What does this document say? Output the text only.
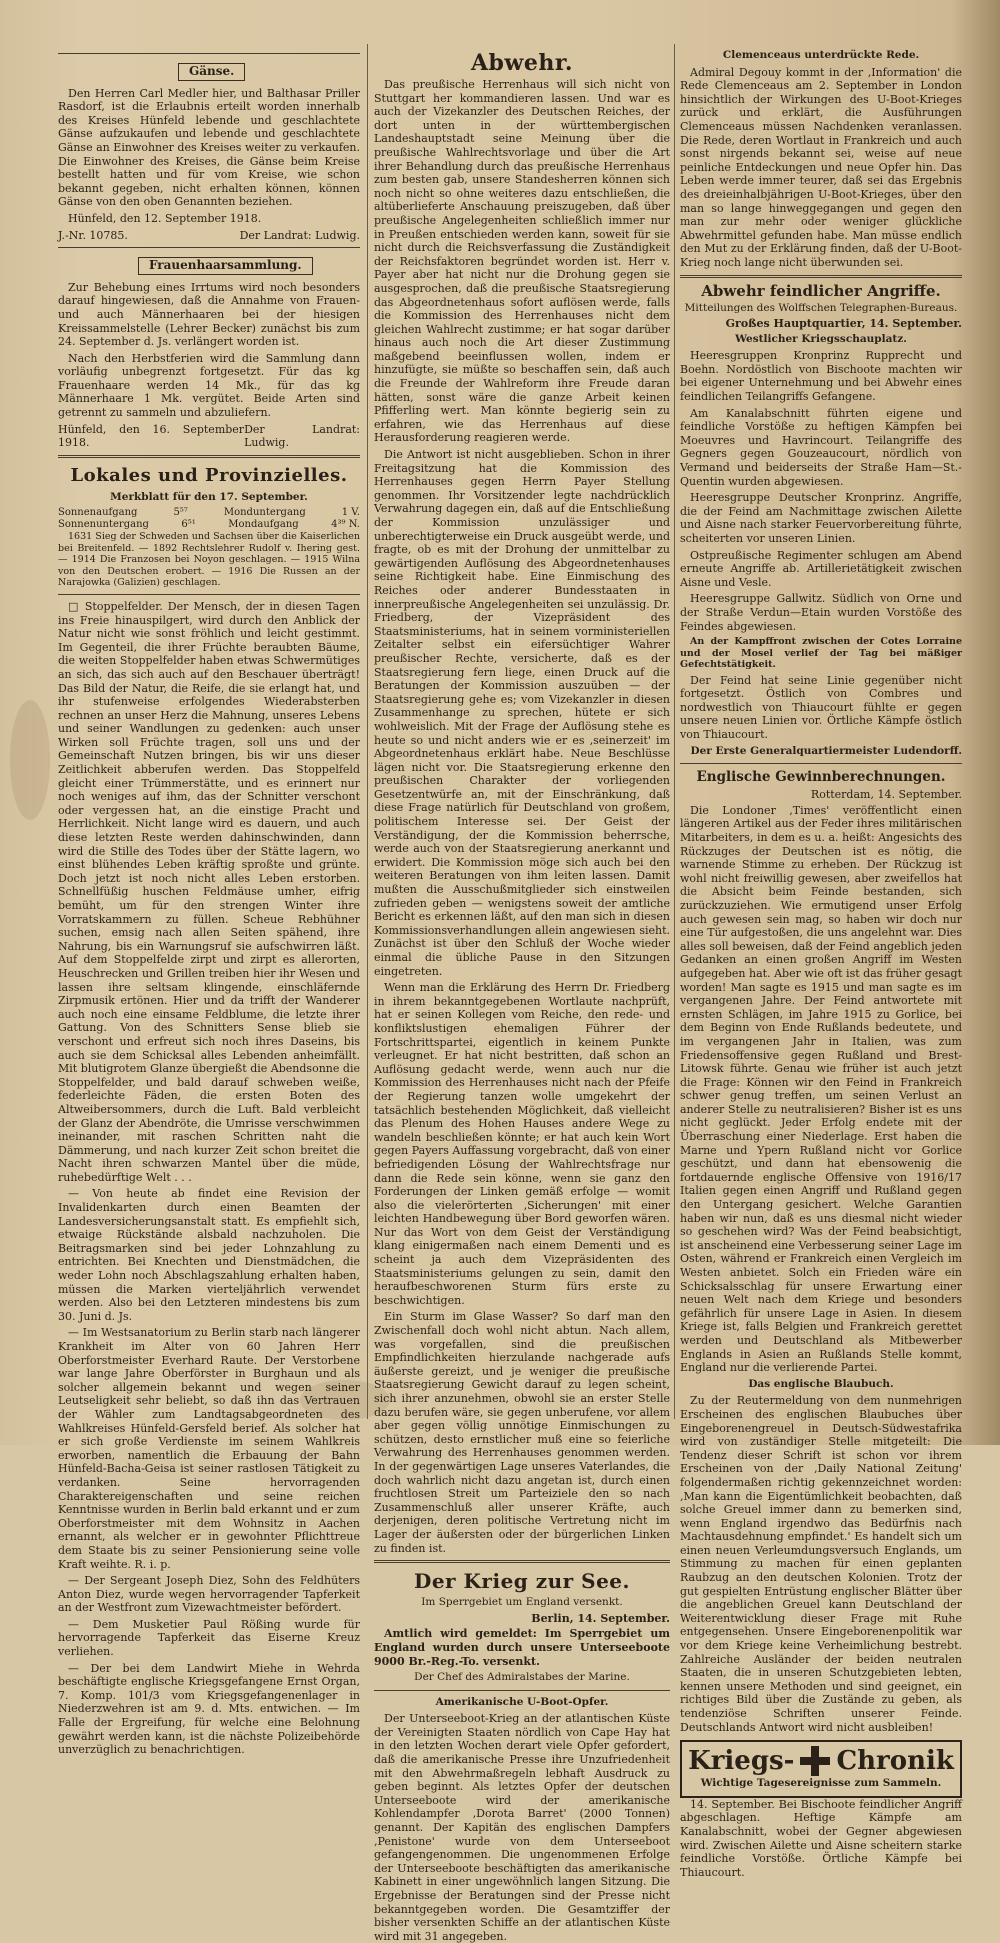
Gänse.

Den Herren Carl Medler hier, und Balthasar Priller Rasdorf, ist die Erlaubnis erteilt worden innerhalb des Kreises Hünfeld lebende und geschlachtete Gänse aufzukaufen und lebende und geschlachtete Gänse an Einwohner des Kreises weiter zu verkaufen. Die Einwohner des Kreises, die Gänse beim Kreise bestellt hatten und für vom Kreise, wie schon bekannt gegeben, nicht erhalten können, können Gänse von den oben Genannten beziehen.

Hünfeld, den 12. September 1918.

J.-Nr. 10785.	Der Landrat: Ludwig.
Frauenhaarsammlung.

Zur Behebung eines Irrtums wird noch besonders darauf hingewiesen, daß die Annahme von Frauen- und auch Männerhaaren bei der hiesigen Kreissammelstelle (Lehrer Becker) zunächst bis zum 24. September d. Js. verlängert worden ist.

Nach den Herbstferien wird die Sammlung dann vorläufig unbegrenzt fortgesetzt. Für das kg Frauenhaare werden 14 Mk., für das kg Männerhaare 1 Mk. vergütet. Beide Arten sind getrennt zu sammeln und abzuliefern.

Hünfeld, den 16. September 1918.
Der Landrat: Ludwig.
Lokales und Provinzielles.
Merkblatt für den 17. September.
Sonnenaufgang	5⁵⁷	Monduntergang	1 V.
Sonnenuntergang	6⁵¹	Mondaufgang	4³⁹ N.

1631 Sieg der Schweden und Sachsen über die Kaiserlichen bei Breitenfeld. — 1892 Rechtslehrer Rudolf v. Ihering gest. — 1914 Die Franzosen bei Noyon geschlagen. — 1915 Wilna von den Deutschen erobert. — 1916 Die Russen an der Narajowka (Galizien) geschlagen.

□ Stoppelfelder. Der Mensch, der in diesen Tagen ins Freie hinauspilgert, wird durch den Anblick der Natur nicht wie sonst fröhlich und leicht gestimmt. Im Gegenteil, die ihrer Früchte beraubten Bäume, die weiten Stoppelfelder haben etwas Schwermütiges an sich, das sich auch auf den Beschauer überträgt! Das Bild der Natur, die Reife, die sie erlangt hat, und ihr stufenweise erfolgendes Wiederabsterben rechnen an unser Herz die Mahnung, unseres Lebens und seiner Wandlungen zu gedenken: auch unser Wirken soll Früchte tragen, soll uns und der Gemeinschaft Nutzen bringen, bis wir uns dieser Zeitlichkeit abberufen werden. Das Stoppelfeld gleicht einer Trümmerstätte, und es erinnert nur noch weniges auf ihm, das der Schnitter verschont oder vergessen hat, an die einstige Pracht und Herrlichkeit. Nicht lange wird es dauern, und auch diese letzten Reste werden dahinschwinden, dann wird die Stille des Todes über der Stätte lagern, wo einst blühendes Leben kräftig sproßte und grünte. Doch jetzt ist noch nicht alles Leben erstorben. Schnellfüßig huschen Feldmäuse umher, eifrig bemüht, um für den strengen Winter ihre Vorratskammern zu füllen. Scheue Rebhühner suchen, emsig nach allen Seiten spähend, ihre Nahrung, bis ein Warnungsruf sie aufschwirren läßt. Auf dem Stoppelfelde zirpt und zirpt es allerorten, Heuschrecken und Grillen treiben hier ihr Wesen und lassen ihre seltsam klingende, einschläfernde Zirpmusik ertönen. Hier und da trifft der Wanderer auch noch eine einsame Feldblume, die letzte ihrer Gattung. Von des Schnitters Sense blieb sie verschont und erfreut sich noch ihres Daseins, bis auch sie dem Schicksal alles Lebenden anheimfällt. Mit blutigrotem Glanze übergießt die Abendsonne die Stoppelfelder, und bald darauf schweben weiße, federleichte Fäden, die ersten Boten des Altweibersommers, durch die Luft. Bald verbleicht der Glanz der Abendröte, die Umrisse verschwimmen ineinander, mit raschen Schritten naht die Dämmerung, und nach kurzer Zeit schon breitet die Nacht ihren schwarzen Mantel über die müde, ruhebedürftige Welt . . .

— Von heute ab findet eine Revision der Invalidenkarten durch einen Beamten der Landesversicherungsanstalt statt. Es empfiehlt sich, etwaige Rückstände alsbald nachzuholen. Die Beitragsmarken sind bei jeder Lohnzahlung zu entrichten. Bei Knechten und Dienstmädchen, die weder Lohn noch Abschlagszahlung erhalten haben, müssen die Marken vierteljährlich verwendet werden. Also bei den Letzteren mindestens bis zum 30. Juni d. Js.

— Im Westsanatorium zu Berlin starb nach längerer Krankheit im Alter von 60 Jahren Herr Oberforstmeister Everhard Raute. Der Verstorbene war lange Jahre Oberförster in Burghaun und als solcher allgemein bekannt und wegen seiner Leutseligkeit sehr beliebt, so daß ihn das Vertrauen der Wähler zum Landtagsabgeordneten des Wahlkreises Hünfeld-Gersfeld berief. Als solcher hat er sich große Verdienste im seinem Wahlkreis erworben, namentlich die Erbauung der Bahn Hünfeld-Bacha-Geisa ist seiner rastlosen Tätigkeit zu verdanken. Seine hervorragenden Charaktereigenschaften und seine reichen Kenntnisse wurden in Berlin bald erkannt und er zum Oberforstmeister mit dem Wohnsitz in Aachen ernannt, als welcher er in gewohnter Pflichttreue dem Staate bis zu seiner Pensionierung seine volle Kraft weihte. R. i. p.

— Der Sergeant Joseph Diez, Sohn des Feldhüters Anton Diez, wurde wegen hervorragender Tapferkeit an der Westfront zum Vizewachtmeister befördert.

— Dem Musketier Paul Rößing wurde für hervorragende Tapferkeit das Eiserne Kreuz verliehen.

— Der bei dem Landwirt Miehe in Wehrda beschäftigte englische Kriegsgefangene Ernst Organ, 7. Komp. 101/3 vom Kriegsgefangenenlager in Niederzwehren ist am 9. d. Mts. entwichen. — Im Falle der Ergreifung, für welche eine Belohnung gewährt werden kann, ist die nächste Polizeibehörde unverzüglich zu benachrichtigen.

Abwehr.

Das preußische Herrenhaus will sich nicht von Stuttgart her kommandieren lassen. Und war es auch der Vizekanzler des Deutschen Reiches, der dort unten in der württembergischen Landeshauptstadt seine Meinung über die preußische Wahlrechtsvorlage und über die Art ihrer Behandlung durch das preußische Herrenhaus zum besten gab, unsere Standesherren können sich noch nicht so ohne weiteres dazu entschließen, die altüberlieferte Anschauung preiszugeben, daß über preußische Angelegenheiten schließlich immer nur in Preußen entschieden werden kann, soweit für sie nicht durch die Reichsverfassung die Zuständigkeit der Reichsfaktoren begründet worden ist. Herr v. Payer aber hat nicht nur die Drohung gegen sie ausgesprochen, daß die preußische Staatsregierung das Abgeordnetenhaus sofort auflösen werde, falls die Kommission des Herrenhauses nicht dem gleichen Wahlrecht zustimme; er hat sogar darüber hinaus auch noch die Art dieser Zustimmung maßgebend beeinflussen wollen, indem er hinzufügte, sie müßte so beschaffen sein, daß auch die Freunde der Wahlreform ihre Freude daran hätten, sonst wäre die ganze Arbeit keinen Pfifferling wert. Man könnte begierig sein zu erfahren, wie das Herrenhaus auf diese Herausforderung reagieren werde.

Die Antwort ist nicht ausgeblieben. Schon in ihrer Freitagsitzung hat die Kommission des Herrenhauses gegen Herrn Payer Stellung genommen. Ihr Vorsitzender legte nachdrücklich Verwahrung dagegen ein, daß auf die Entschließung der Kommission unzulässiger und unberechtigterweise ein Druck ausgeübt werde, und fragte, ob es mit der Drohung der unmittelbar zu gewärtigenden Auflösung des Abgeordnetenhauses seine Richtigkeit habe. Eine Einmischung des Reiches oder anderer Bundesstaaten in innerpreußische Angelegenheiten sei unzulässig. Dr. Friedberg, der Vizepräsident des Staatsministeriums, hat in seinem vorministeriellen Zeitalter selbst ein eifersüchtiger Wahrer preußischer Rechte, versicherte, daß es der Staatsregierung fern liege, einen Druck auf die Beratungen der Kommission auszuüben — der Staatsregierung gehe es; vom Vizekanzler in diesen Zusammenhange zu sprechen, hütete er sich wohlweislich. Mit der Frage der Auflösung stehe es heute so und nicht anders wie er es ‚seinerzeit' im Abgeordnetenhaus erklärt habe. Neue Beschlüsse lägen nicht vor. Die Staatsregierung erkenne den preußischen Charakter der vorliegenden Gesetzentwürfe an, mit der Einschränkung, daß diese Frage natürlich für Deutschland von großem, politischem Interesse sei. Der Geist der Verständigung, der die Kommission beherrsche, werde auch von der Staatsregierung anerkannt und erwidert. Die Kommission möge sich auch bei den weiteren Beratungen von ihm leiten lassen. Damit mußten die Ausschußmitglieder sich einstweilen zufrieden geben — wenigstens soweit der amtliche Bericht es erkennen läßt, auf den man sich in diesen Kommissionsverhandlungen allein angewiesen sieht. Zunächst ist über den Schluß der Woche wieder einmal die übliche Pause in den Sitzungen eingetreten.

Wenn man die Erklärung des Herrn Dr. Friedberg in ihrem bekanntgegebenen Wortlaute nachprüft, hat er seinen Kollegen vom Reiche, den rede- und konfliktslustigen ehemaligen Führer der Fortschrittspartei, eigentlich in keinem Punkte verleugnet. Er hat nicht bestritten, daß schon an Auflösung gedacht werde, wenn auch nur die Kommission des Herrenhauses nicht nach der Pfeife der Regierung tanzen wolle umgekehrt der tatsächlich bestehenden Möglichkeit, daß vielleicht das Plenum des Hohen Hauses andere Wege zu wandeln beschließen könnte; er hat auch kein Wort gegen Payers Auffassung vorgebracht, daß von einer befriedigenden Lösung der Wahlrechtsfrage nur dann die Rede sein könne, wenn sie ganz den Forderungen der Linken gemäß erfolge — womit also die vielerörterten ‚Sicherungen' mit einer leichten Handbewegung über Bord geworfen wären. Nur das Wort von dem Geist der Verständigung klang einigermaßen nach einem Dementi und es scheint ja auch dem Vizepräsidenten des Staatsministeriums gelungen zu sein, damit den heraufbeschworenen Sturm fürs erste zu beschwichtigen.

Ein Sturm im Glase Wasser? So darf man den Zwischenfall doch wohl nicht abtun. Nach allem, was vorgefallen, sind die preußischen Empfindlichkeiten hierzulande nachgerade aufs äußerste gereizt, und je weniger die preußische Staatsregierung Gewicht darauf zu legen scheint, sich ihrer anzunehmen, obwohl sie an erster Stelle dazu berufen wäre, sie gegen unberufene, vor allem aber gegen völlig unnötige Einmischungen zu schützen, desto ernstlicher muß eine so feierliche Verwahrung des Herrenhauses genommen werden. In der gegenwärtigen Lage unseres Vaterlandes, die doch wahrlich nicht dazu angetan ist, durch einen fruchtlosen Streit um Parteiziele den so nach Zusammenschluß aller unserer Kräfte, auch derjenigen, deren politische Vertretung nicht im Lager der äußersten oder der bürgerlichen Linken zu finden ist.

Der Krieg zur See.
Im Sperrgebiet um England versenkt.
Berlin, 14. September.

Amtlich wird gemeldet: Im Sperrgebiet um England wurden durch unsere Unterseeboote 9000 Br.-Reg.-To. versenkt.

Der Chef des Admiralstabes der Marine.
Amerikanische U-Boot-Opfer.

Der Unterseeboot-Krieg an der atlantischen Küste der Vereinigten Staaten nördlich von Cape Hay hat in den letzten Wochen derart viele Opfer gefordert, daß die amerikanische Presse ihre Unzufriedenheit mit den Abwehrmaßregeln lebhaft Ausdruck zu geben beginnt. Als letztes Opfer der deutschen Unterseeboote wird der amerikanische Kohlendampfer ‚Dorota Barret' (2000 Tonnen) genannt. Der Kapitän des englischen Dampfers ‚Penistone' wurde von dem Unterseeboot gefangengenommen. Die ungenommenen Erfolge der Unterseeboote beschäftigten das amerikanische Kabinett in einer ungewöhnlich langen Sitzung. Die Ergebnisse der Beratungen sind der Presse nicht bekanntgegeben worden. Die Gesamtziffer der bisher versenkten Schiffe an der atlantischen Küste wird mit 31 angegeben.

Clemenceaus unterdrückte Rede.

Admiral Degouy kommt in der ‚Information' die Rede Clemenceaus am 2. September in London hinsichtlich der Wirkungen des U-Boot-Krieges zurück und erklärt, die Ausführungen Clemenceaus müssen Nachdenken veranlassen. Die Rede, deren Wortlaut in Frankreich und auch sonst nirgends bekannt sei, weise auf neue peinliche Entdeckungen und neue Opfer hin. Das Leben werde immer teurer, daß sei das Ergebnis des dreieinhalbjährigen U-Boot-Krieges, über den man so lange hinweggegangen und gegen den man zur mehr oder weniger glückliche Abwehrmittel gefunden habe. Man müsse endlich den Mut zu der Erklärung finden, daß der U-Boot-Krieg noch lange nicht überwunden sei.

Abwehr feindlicher Angriffe.
Mitteilungen des Wolffschen Telegraphen-Bureaus.
Großes Hauptquartier, 14. September.
Westlicher Kriegsschauplatz.

Heeresgruppen Kronprinz Rupprecht und Boehn. Nordöstlich von Bischoote machten wir bei eigener Unternehmung und bei Abwehr eines feindlichen Teilangriffs Gefangene.

Am Kanalabschnitt führten eigene und feindliche Vorstöße zu heftigen Kämpfen bei Moeuvres und Havrincourt. Teilangriffe des Gegners gegen Gouzeaucourt, nördlich von Vermand und beiderseits der Straße Ham—St.-Quentin wurden abgewiesen.

Heeresgruppe Deutscher Kronprinz. Angriffe, die der Feind am Nachmittage zwischen Ailette und Aisne nach starker Feuervorbereitung führte, scheiterten vor unseren Linien.

Ostpreußische Regimenter schlugen am Abend erneute Angriffe ab. Artillerietätigkeit zwischen Aisne und Vesle.

Heeresgruppe Gallwitz. Südlich von Orne und der Straße Verdun—Etain wurden Vorstöße des Feindes abgewiesen.

An der Kampffront zwischen der Cotes Lorraine und der Mosel verlief der Tag bei mäßiger Gefechtstätigkeit.

Der Feind hat seine Linie gegenüber nicht fortgesetzt. Östlich von Combres und nordwestlich von Thiaucourt fühlte er gegen unsere neuen Linien vor. Örtliche Kämpfe östlich von Thiaucourt.

Der Erste Generalquartiermeister Ludendorff.
Englische Gewinnberechnungen.
Rotterdam, 14. September.

Die Londoner ‚Times' veröffentlicht einen längeren Artikel aus der Feder ihres militärischen Mitarbeiters, in dem es u. a. heißt: Angesichts des Rückzuges der Deutschen ist es nötig, die warnende Stimme zu erheben. Der Rückzug ist wohl nicht freiwillig gewesen, aber zweifellos hat die Absicht beim Feinde bestanden, sich zurückzuziehen. Wie ermutigend unser Erfolg auch gewesen sein mag, so haben wir doch nur eine Tür aufgestoßen, die uns angelehnt war. Dies alles soll beweisen, daß der Feind angeblich jeden Gedanken an einen großen Angriff im Westen aufgegeben hat. Aber wie oft ist das früher gesagt worden! Man sagte es 1915 und man sagte es im vergangenen Jahre. Der Feind antwortete mit ernsten Schlägen, im Jahre 1915 zu Gorlice, bei dem Beginn von Ende Rußlands bedeutete, und im vergangenen Jahr in Italien, was zum Friedensoffensive gegen Rußland und Brest-Litowsk führte. Genau wie früher ist auch jetzt die Frage: Können wir den Feind in Frankreich schwer genug treffen, um seinen Verlust an anderer Stelle zu neutralisieren? Bisher ist es uns nicht geglückt. Jeder Erfolg endete mit der Überraschung einer Niederlage. Erst haben die Marne und Ypern Rußland nicht vor Gorlice geschützt, und dann hat ebensowenig die fortdauernde englische Offensive von 1916/17 Italien gegen einen Angriff und Rußland gegen den Untergang gesichert. Welche Garantien haben wir nun, daß es uns diesmal nicht wieder so geschehen wird? Was der Feind beabsichtigt, ist anscheinend eine Verbesserung seiner Lage im Osten, während er Frankreich einen Vergleich im Westen anbietet. Solch ein Frieden wäre ein Schicksalsschlag für unsere Erwartung einer neuen Welt nach dem Kriege und besonders gefährlich für unsere Lage in Asien. In diesem Kriege ist, falls Belgien und Frankreich gerettet werden und Deutschland als Mitbewerber Englands in Asien an Rußlands Stelle kommt, England nur die verlierende Partei.

Das englische Blaubuch.

Zu der Reutermeldung von dem nunmehrigen Erscheinen des englischen Blaubuches über Eingeborenengreuel in Deutsch-Südwestafrika wird von zuständiger Stelle mitgeteilt: Die Tendenz dieser Schrift ist schon vor ihrem Erscheinen von der ‚Daily National Zeitung' folgendermaßen richtig gekennzeichnet worden: ‚Man kann die Eigentümlichkeit beobachten, daß solche Greuel immer dann zu bemerken sind, wenn England irgendwo das Bedürfnis nach Machtausdehnung empfindet.' Es handelt sich um einen neuen Verleumdungsversuch Englands, um Stimmung zu machen für einen geplanten Raubzug an den deutschen Kolonien. Trotz der gut gespielten Entrüstung englischer Blätter über die angeblichen Greuel kann Deutschland der Weiterentwicklung dieser Frage mit Ruhe entgegensehen. Unsere Eingeborenenpolitik war vor dem Kriege keine Verheimlichung bestrebt. Zahlreiche Ausländer der beiden neutralen Staaten, die in unseren Schutzgebieten lebten, kennen unsere Methoden und sind geeignet, ein richtiges Bild über die Zustände zu geben, als tendenziöse Schriften unserer Feinde. Deutschlands Antwort wird nicht ausbleiben!

Kriegs- Chronik
Wichtige Tagesereignisse zum Sammeln.

14. September. Bei Bischoote feindlicher Angriff abgeschlagen. Heftige Kämpfe am Kanalabschnitt, wobei der Gegner abgewiesen wird. Zwischen Ailette und Aisne scheitern starke feindliche Vorstöße. Örtliche Kämpfe bei Thiaucourt.
